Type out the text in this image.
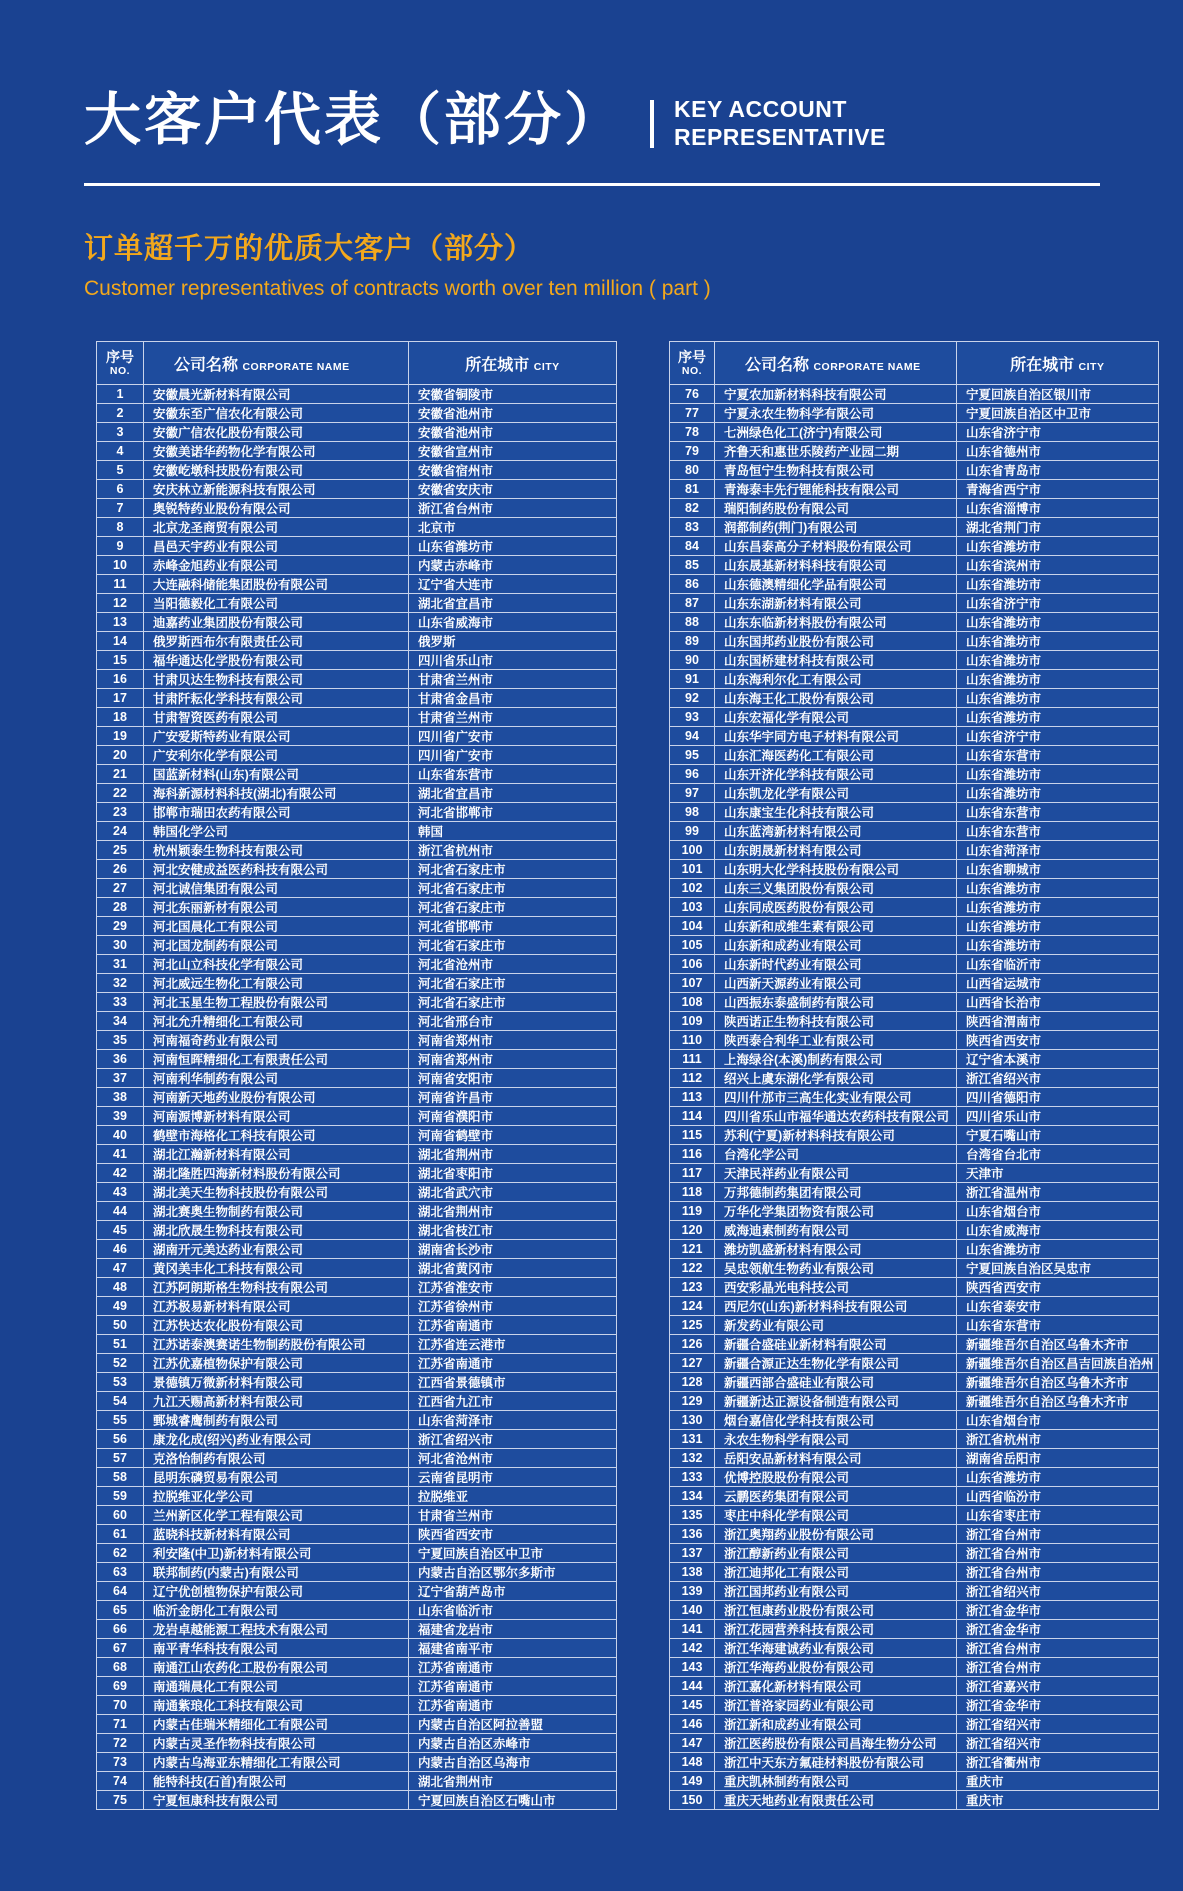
大客户代表（部分） KEY ACCOUNT
REPRESENTATIVE
订单超千万的优质大客户（部分）
Customer representatives of contracts worth over ten million ( part )
序号
NO.	公司名称 CORPORATE NAME	所在城市 CITY
1	安徽晨光新材料有限公司	安徽省铜陵市
2	安徽东至广信农化有限公司	安徽省池州市
3	安徽广信农化股份有限公司	安徽省池州市
4	安徽美诺华药物化学有限公司	安徽省宣州市
5	安徽屹墩科技股份有限公司	安徽省宿州市
6	安庆林立新能源科技有限公司	安徽省安庆市
7	奥锐特药业股份有限公司	浙江省台州市
8	北京龙圣商贸有限公司	北京市
9	昌邑天宇药业有限公司	山东省潍坊市
10	赤峰金旭药业有限公司	内蒙古赤峰市
11	大连融科储能集团股份有限公司	辽宁省大连市
12	当阳德毅化工有限公司	湖北省宜昌市
13	迪嘉药业集团股份有限公司	山东省威海市
14	俄罗斯西布尔有限责任公司	俄罗斯
15	福华通达化学股份有限公司	四川省乐山市
16	甘肃贝达生物科技有限公司	甘肃省兰州市
17	甘肃阡耘化学科技有限公司	甘肃省金昌市
18	甘肃智资医药有限公司	甘肃省兰州市
19	广安爱斯特药业有限公司	四川省广安市
20	广安利尔化学有限公司	四川省广安市
21	国蓝新材料(山东)有限公司	山东省东营市
22	海科新源材料科技(湖北)有限公司	湖北省宜昌市
23	邯郸市瑞田农药有限公司	河北省邯郸市
24	韩国化学公司	韩国
25	杭州颖泰生物科技有限公司	浙江省杭州市
26	河北安健成益医药科技有限公司	河北省石家庄市
27	河北诚信集团有限公司	河北省石家庄市
28	河北东丽新材有限公司	河北省石家庄市
29	河北国晨化工有限公司	河北省邯郸市
30	河北国龙制药有限公司	河北省石家庄市
31	河北山立科技化学有限公司	河北省沧州市
32	河北威远生物化工有限公司	河北省石家庄市
33	河北玉星生物工程股份有限公司	河北省石家庄市
34	河北允升精细化工有限公司	河北省邢台市
35	河南福奇药业有限公司	河南省郑州市
36	河南恒晖精细化工有限责任公司	河南省郑州市
37	河南利华制药有限公司	河南省安阳市
38	河南新天地药业股份有限公司	河南省许昌市
39	河南源博新材料有限公司	河南省濮阳市
40	鹤壁市海格化工科技有限公司	河南省鹤壁市
41	湖北江瀚新材料有限公司	湖北省荆州市
42	湖北隆胜四海新材料股份有限公司	湖北省枣阳市
43	湖北美天生物科技股份有限公司	湖北省武穴市
44	湖北赛奥生物制药有限公司	湖北省荆州市
45	湖北欣晟生物科技有限公司	湖北省枝江市
46	湖南开元美达药业有限公司	湖南省长沙市
47	黄冈美丰化工科技有限公司	湖北省黄冈市
48	江苏阿朗斯格生物科技有限公司	江苏省淮安市
49	江苏极易新材料有限公司	江苏省徐州市
50	江苏快达农化股份有限公司	江苏省南通市
51	江苏诺泰澳赛诺生物制药股份有限公司	江苏省连云港市
52	江苏优嘉植物保护有限公司	江苏省南通市
53	景德镇万微新材料有限公司	江西省景德镇市
54	九江天赐高新材料有限公司	江西省九江市
55	鄄城睿鹰制药有限公司	山东省菏泽市
56	康龙化成(绍兴)药业有限公司	浙江省绍兴市
57	克洛怡制药有限公司	河北省沧州市
58	昆明东磷贸易有限公司	云南省昆明市
59	拉脱维亚化学公司	拉脱维亚
60	兰州新区化学工程有限公司	甘肃省兰州市
61	蓝晓科技新材料有限公司	陕西省西安市
62	利安隆(中卫)新材料有限公司	宁夏回族自治区中卫市
63	联邦制药(内蒙古)有限公司	内蒙古自治区鄂尔多斯市
64	辽宁优创植物保护有限公司	辽宁省葫芦岛市
65	临沂金朗化工有限公司	山东省临沂市
66	龙岩卓越能源工程技术有限公司	福建省龙岩市
67	南平青华科技有限公司	福建省南平市
68	南通江山农药化工股份有限公司	江苏省南通市
69	南通瑞晨化工有限公司	江苏省南通市
70	南通紫琅化工科技有限公司	江苏省南通市
71	内蒙古佳瑞米精细化工有限公司	内蒙古自治区阿拉善盟
72	内蒙古灵圣作物科技有限公司	内蒙古自治区赤峰市
73	内蒙古乌海亚东精细化工有限公司	内蒙古自治区乌海市
74	能特科技(石首)有限公司	湖北省荆州市
75	宁夏恒康科技有限公司	宁夏回族自治区石嘴山市
序号
NO.	公司名称 CORPORATE NAME	所在城市 CITY
76	宁夏农加新材料科技有限公司	宁夏回族自治区银川市
77	宁夏永农生物科学有限公司	宁夏回族自治区中卫市
78	七洲绿色化工(济宁)有限公司	山东省济宁市
79	齐鲁天和惠世乐陵药产业园二期	山东省德州市
80	青岛恒宁生物科技有限公司	山东省青岛市
81	青海泰丰先行锂能科技有限公司	青海省西宁市
82	瑞阳制药股份有限公司	山东省淄博市
83	润都制药(荆门)有限公司	湖北省荆门市
84	山东昌泰高分子材料股份有限公司	山东省潍坊市
85	山东晟基新材料科技有限公司	山东省滨州市
86	山东德澳精细化学品有限公司	山东省潍坊市
87	山东东湖新材料有限公司	山东省济宁市
88	山东东临新材料股份有限公司	山东省潍坊市
89	山东国邦药业股份有限公司	山东省潍坊市
90	山东国桥建材科技有限公司	山东省潍坊市
91	山东海利尔化工有限公司	山东省潍坊市
92	山东海王化工股份有限公司	山东省潍坊市
93	山东宏福化学有限公司	山东省潍坊市
94	山东华宇同方电子材料有限公司	山东省济宁市
95	山东汇海医药化工有限公司	山东省东营市
96	山东开济化学科技有限公司	山东省潍坊市
97	山东凯龙化学有限公司	山东省潍坊市
98	山东康宝生化科技有限公司	山东省东营市
99	山东蓝湾新材料有限公司	山东省东营市
100	山东朗晟新材料有限公司	山东省菏泽市
101	山东明大化学科技股份有限公司	山东省聊城市
102	山东三义集团股份有限公司	山东省潍坊市
103	山东同成医药股份有限公司	山东省潍坊市
104	山东新和成维生素有限公司	山东省潍坊市
105	山东新和成药业有限公司	山东省潍坊市
106	山东新时代药业有限公司	山东省临沂市
107	山西新天源药业有限公司	山西省运城市
108	山西振东泰盛制药有限公司	山西省长治市
109	陕西诺正生物科技有限公司	陕西省渭南市
110	陕西泰合利华工业有限公司	陕西省西安市
111	上海绿谷(本溪)制药有限公司	辽宁省本溪市
112	绍兴上虞东湖化学有限公司	浙江省绍兴市
113	四川什邡市三高生化实业有限公司	四川省德阳市
114	四川省乐山市福华通达农药科技有限公司	四川省乐山市
115	苏利(宁夏)新材料科技有限公司	宁夏石嘴山市
116	台湾化学公司	台湾省台北市
117	天津民祥药业有限公司	天津市
118	万邦德制药集团有限公司	浙江省温州市
119	万华化学集团物资有限公司	山东省烟台市
120	威海迪素制药有限公司	山东省威海市
121	潍坊凯盛新材料有限公司	山东省潍坊市
122	吴忠领航生物药业有限公司	宁夏回族自治区吴忠市
123	西安彩晶光电科技公司	陕西省西安市
124	西尼尔(山东)新材料科技有限公司	山东省泰安市
125	新发药业有限公司	山东省东营市
126	新疆合盛硅业新材料有限公司	新疆维吾尔自治区乌鲁木齐市
127	新疆合源正达生物化学有限公司	新疆维吾尔自治区昌吉回族自治州
128	新疆西部合盛硅业有限公司	新疆维吾尔自治区乌鲁木齐市
129	新疆新达正源设备制造有限公司	新疆维吾尔自治区乌鲁木齐市
130	烟台嘉信化学科技有限公司	山东省烟台市
131	永农生物科学有限公司	浙江省杭州市
132	岳阳安品新材料有限公司	湖南省岳阳市
133	优博控股股份有限公司	山东省潍坊市
134	云鹏医药集团有限公司	山西省临汾市
135	枣庄中科化学有限公司	山东省枣庄市
136	浙江奥翔药业股份有限公司	浙江省台州市
137	浙江醇新药业有限公司	浙江省台州市
138	浙江迪邦化工有限公司	浙江省台州市
139	浙江国邦药业有限公司	浙江省绍兴市
140	浙江恒康药业股份有限公司	浙江省金华市
141	浙江花园营养科技有限公司	浙江省金华市
142	浙江华海建诚药业有限公司	浙江省台州市
143	浙江华海药业股份有限公司	浙江省台州市
144	浙江嘉化新材料有限公司	浙江省嘉兴市
145	浙江普洛家园药业有限公司	浙江省金华市
146	浙江新和成药业有限公司	浙江省绍兴市
147	浙江医药股份有限公司昌海生物分公司	浙江省绍兴市
148	浙江中天东方氟硅材料股份有限公司	浙江省衢州市
149	重庆凯林制药有限公司	重庆市
150	重庆天地药业有限责任公司	重庆市
